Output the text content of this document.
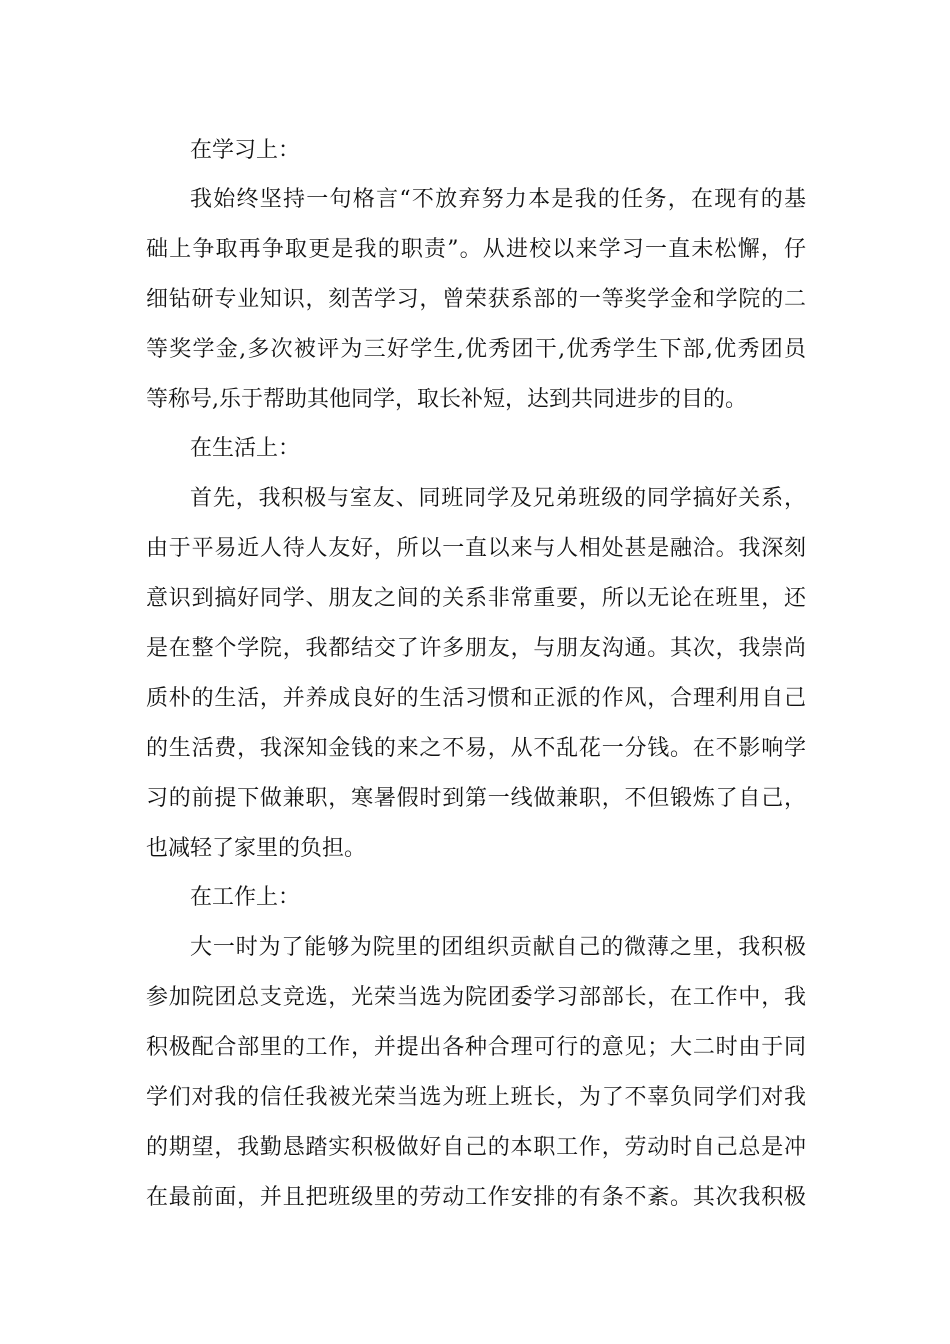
在学习上：
我始终坚持一句格言“不放弃努力本是我的任务，在现有的基
础上争取再争取更是我的职责”。从进校以来学习一直未松懈，仔
细钻研专业知识，刻苦学习，曾荣获系部的一等奖学金和学院的二
等奖学金,多次被评为三好学生,优秀团干,优秀学生下部,优秀团员
等称号,乐于帮助其他同学，取长补短，达到共同进步的目的。
在生活上：
首先，我积极与室友、同班同学及兄弟班级的同学搞好关系，
由于平易近人待人友好，所以一直以来与人相处甚是融洽。我深刻
意识到搞好同学、朋友之间的关系非常重要，所以无论在班里，还
是在整个学院，我都结交了许多朋友，与朋友沟通。其次，我崇尚
质朴的生活，并养成良好的生活习惯和正派的作风，合理利用自己
的生活费，我深知金钱的来之不易，从不乱花一分钱。在不影响学
习的前提下做兼职，寒暑假时到第一线做兼职，不但锻炼了自己，
也减轻了家里的负担。
在工作上：
大一时为了能够为院里的团组织贡献自己的微薄之里，我积极
参加院团总支竞选，光荣当选为院团委学习部部长，在工作中，我
积极配合部里的工作，并提出各种合理可行的意见；大二时由于同
学们对我的信任我被光荣当选为班上班长，为了不辜负同学们对我
的期望，我勤恳踏实积极做好自己的本职工作，劳动时自己总是冲
在最前面，并且把班级里的劳动工作安排的有条不紊。其次我积极
